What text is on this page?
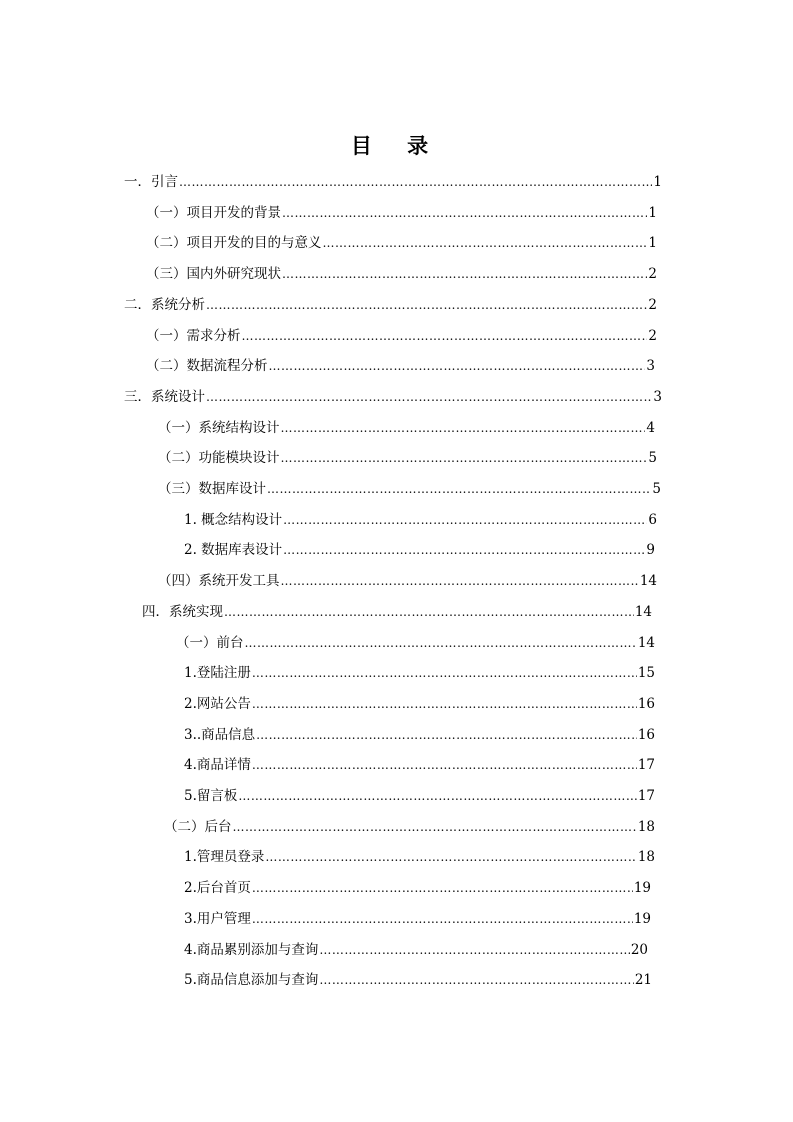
目 录
一．引言 …………………………………………………………………………………………………………………………………………………………………………	1
（一）项目开发的背景 …………………………………………………………………………………………………………………………………………………………………………	1
（二）项目开发的目的与意义 …………………………………………………………………………………………………………………………………………………………………………	1
（三）国内外研究现状 …………………………………………………………………………………………………………………………………………………………………………	2
二．系统分析 …………………………………………………………………………………………………………………………………………………………………………	2
（一）需求分析 …………………………………………………………………………………………………………………………………………………………………………	2
（二）数据流程分析 …………………………………………………………………………………………………………………………………………………………………………	3
三．系统设计 …………………………………………………………………………………………………………………………………………………………………………	3
（一）系统结构设计 …………………………………………………………………………………………………………………………………………………………………………	4
（二）功能模块设计 …………………………………………………………………………………………………………………………………………………………………………	5
（三）数据库设计 …………………………………………………………………………………………………………………………………………………………………………	5
1. 概念结构设计 …………………………………………………………………………………………………………………………………………………………………………	6
2. 数据库表设计 …………………………………………………………………………………………………………………………………………………………………………	9
（四）系统开发工具 …………………………………………………………………………………………………………………………………………………………………………	14
四．系统实现 …………………………………………………………………………………………………………………………………………………………………………	14
（一）前台 …………………………………………………………………………………………………………………………………………………………………………	14
1.登陆注册 …………………………………………………………………………………………………………………………………………………………………………	15
2.网站公告 …………………………………………………………………………………………………………………………………………………………………………	16
3..商品信息 …………………………………………………………………………………………………………………………………………………………………………	16
4.商品详情 …………………………………………………………………………………………………………………………………………………………………………	17
5.留言板 …………………………………………………………………………………………………………………………………………………………………………	17
（二）后台 …………………………………………………………………………………………………………………………………………………………………………	18
1.管理员登录 …………………………………………………………………………………………………………………………………………………………………………	18
2.后台首页 …………………………………………………………………………………………………………………………………………………………………………	19
3.用户管理 …………………………………………………………………………………………………………………………………………………………………………	19
4.商品累别添加与查询 …………………………………………………………………………………………………………………………………………………………………………	20
5.商品信息添加与查询 …………………………………………………………………………………………………………………………………………………………………………	21
